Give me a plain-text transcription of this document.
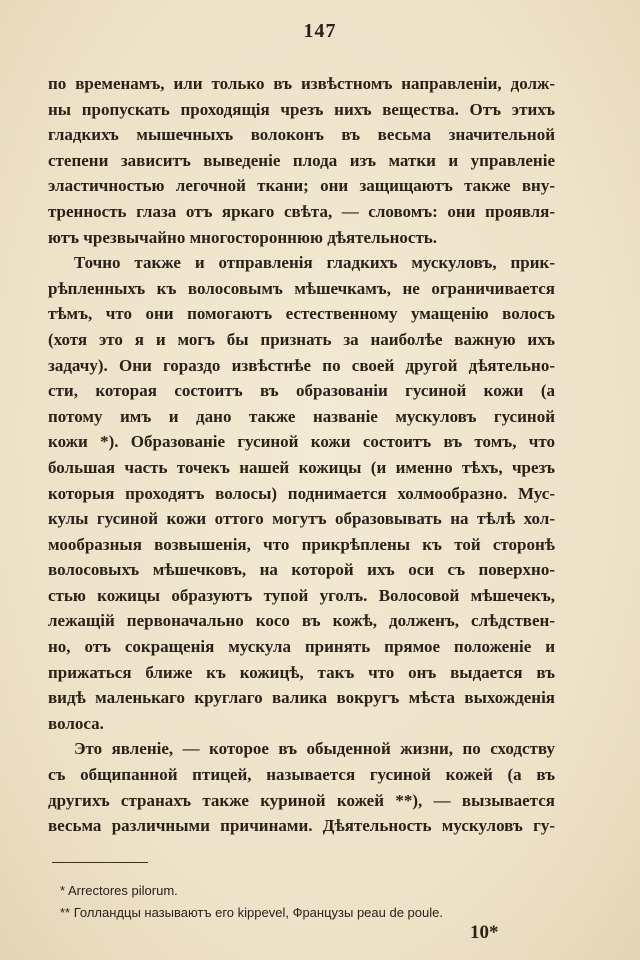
147
по временамъ, или только въ извѣстномъ направленіи, долж-
ны пропускать проходящія чрезъ нихъ вещества. Отъ этихъ
гладкихъ мышечныхъ волоконъ въ весьма значительной
степени зависитъ выведеніе плода изъ матки и управленіе
эластичностью легочной ткани; они защищаютъ также вну-
тренность глаза отъ яркаго свѣта, — словомъ: они проявля-
ютъ чрезвычайно многостороннюю дѣятельность.
Точно также и отправленія гладкихъ мускуловъ, прик-
рѣпленныхъ къ волосовымъ мѣшечкамъ, не ограничивается
тѣмъ, что они помогаютъ естественному умащенію волосъ
(хотя это я и могъ бы признать за наиболѣе важную ихъ
задачу). Они гораздо извѣстнѣе по своей другой дѣятельно-
сти, которая состоитъ въ образованіи гусиной кожи (а
потому имъ и дано также названіе мускуловъ гусиной
кожи *). Образованіе гусиной кожи состоитъ въ томъ, что
большая часть точекъ нашей кожицы (и именно тѣхъ, чрезъ
которыя проходятъ волосы) поднимается холмообразно. Мус-
кулы гусиной кожи оттого могутъ образовывать на тѣлѣ хол-
мообразныя возвышенія, что прикрѣплены къ той сторонѣ
волосовыхъ мѣшечковъ, на которой ихъ оси съ поверхно-
стью кожицы образуютъ тупой уголъ. Волосовой мѣшечекъ,
лежащій первоначально косо въ кожѣ, долженъ, слѣдствен-
но, отъ сокращенія мускула принять прямое положеніе и
прижаться ближе къ кожицѣ, такъ что онъ выдается въ
видѣ маленькаго круглаго валика вокругъ мѣста выхожденія
волоса.
Это явленіе, — которое въ обыденной жизни, по сходству
съ общипанной птицей, называется гусиной кожей (а въ
другихъ странахъ также куриной кожей **), — вызывается
весьма различными причинами. Дѣятельность мускуловъ гу-
* Arrectores pilorum.
** Голландцы называютъ его kippevel, Французы peau de poule.
10*
